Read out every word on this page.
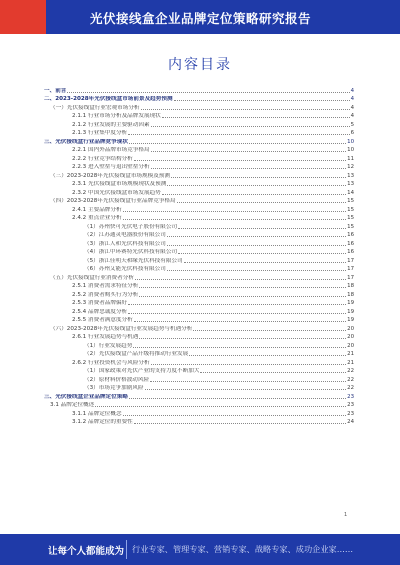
光伏接线盒企业品牌定位策略研究报告
内容目录
一、前言	4
二、2023-2028年光伏接线盒市场前景及趋势预测	4
（一）光伏接线盒行业宏观市场分析	4
2.1.1 行业市场分析及品牌发展现状	4
2.1.2 行业发展的主要驱动因素	5
2.1.3 行业集中度分析	6
三、光伏接线盒行业品牌竞争现状	10
2.2.1 国内外品牌市场竞争格局	10
2.2.2 行业竞争结构分析	11
2.2.3 进入壁垒与退出壁垒分析	12
（三）2023-2028年光伏接线盒市场规模及预测	13
2.3.1 光伏接线盒市场规模现状及预测	13
2.3.2 中国光伏接线盒市场发展趋势	14
（四）2023-2028年光伏接线盒行业品牌竞争格局	15
2.4.1 主要品牌分析	15
2.4.2 重点企业分析	15
（1）苏州快可光伏电子股份有限公司	15
（2）江苏通灵电器股份有限公司	16
（3）浙江人和光伏科技有限公司	16
（4）浙江中环赛特光伏科技有限公司	16
（5）浙江佳明天和缘光伏科技有限公司	17
（6）苏州艾能光伏科技有限公司	17
（五）光伏接线盒行业消费者分析	17
2.5.1 消费者需求特征分析	18
2.5.2 消费者购买行为分析	18
2.5.3 消费者品牌偏好	19
2.5.4 品牌忠诚度分析	19
2.5.5 消费者满意度分析	19
（六）2023-2028年光伏接线盒行业发展趋势与机遇分析	20
2.6.1 行业发展趋势与机遇	20
（1）行业发展趋势	20
（2）光伏接线盒产品升级将推动行业发展	21
2.6.2 行业投资机会与风险分析	21
（1）国家政策对光伏产业的支持力度不断加大	22
（2）原材料价格波动风险	22
（3）市场竞争加剧风险	22
三、光伏接线盒企业品牌定位策略	23
3.1 品牌定位概述	23
3.1.1 品牌定位概念	23
3.1.2 品牌定位的重要性	24
1
让每个人都能成为 行业专家、管理专家、营销专家、战略专家、成功企业家……
